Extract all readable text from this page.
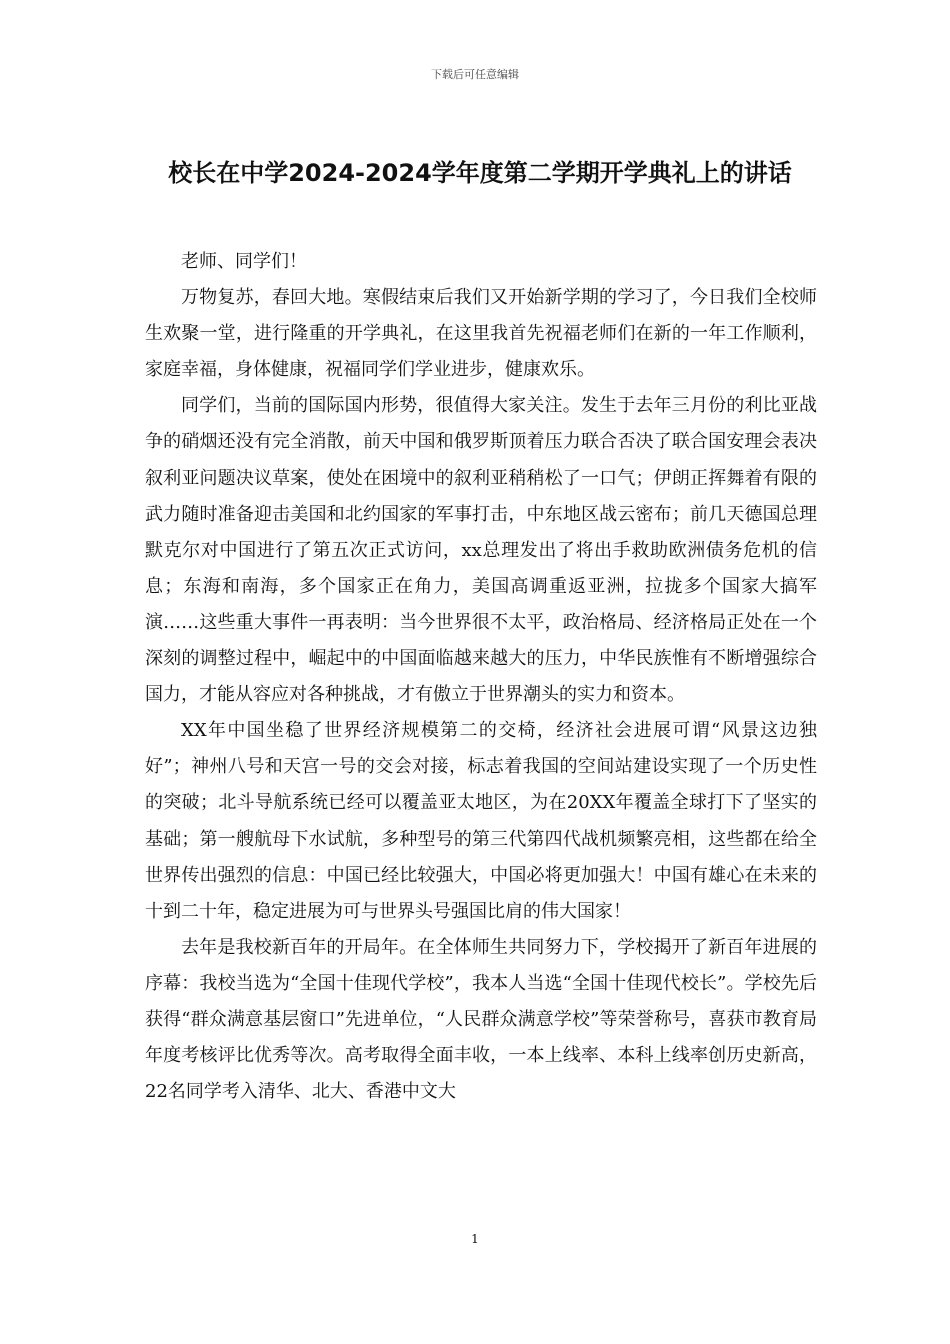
下载后可任意编辑
校长在中学2024-2024学年度第二学期开学典礼上的讲话

老师、同学们！

万物复苏，春回大地。寒假结束后我们又开始新学期的学习了，今日我们全校师生欢聚一堂，进行隆重的开学典礼，在这里我首先祝福老师们在新的一年工作顺利，家庭幸福，身体健康，祝福同学们学业进步，健康欢乐。

同学们，当前的国际国内形势，很值得大家关注。发生于去年三月份的利比亚战争的硝烟还没有完全消散，前天中国和俄罗斯顶着压力联合否决了联合国安理会表决叙利亚问题决议草案，使处在困境中的叙利亚稍稍松了一口气；伊朗正挥舞着有限的武力随时准备迎击美国和北约国家的军事打击，中东地区战云密布；前几天德国总理默克尔对中国进行了第五次正式访问，xx总理发出了将出手救助欧洲债务危机的信息；东海和南海，多个国家正在角力，美国高调重返亚洲，拉拢多个国家大搞军演……这些重大事件一再表明：当今世界很不太平，政治格局、经济格局正处在一个深刻的调整过程中，崛起中的中国面临越来越大的压力，中华民族惟有不断增强综合国力，才能从容应对各种挑战，才有傲立于世界潮头的实力和资本。

XX年中国坐稳了世界经济规模第二的交椅，经济社会进展可谓“风景这边独好”；神州八号和天宫一号的交会对接，标志着我国的空间站建设实现了一个历史性的突破；北斗导航系统已经可以覆盖亚太地区，为在20XX年覆盖全球打下了坚实的基础；第一艘航母下水试航，多种型号的第三代第四代战机频繁亮相，这些都在给全世界传出强烈的信息：中国已经比较强大，中国必将更加强大！中国有雄心在未来的十到二十年，稳定进展为可与世界头号强国比肩的伟大国家！

去年是我校新百年的开局年。在全体师生共同努力下，学校揭开了新百年进展的序幕：我校当选为“全国十佳现代学校”，我本人当选“全国十佳现代校长”。学校先后获得“群众满意基层窗口”先进单位，“人民群众满意学校”等荣誉称号，喜获市教育局年度考核评比优秀等次。高考取得全面丰收，一本上线率、本科上线率创历史新高，22名同学考入清华、北大、香港中文大

1
